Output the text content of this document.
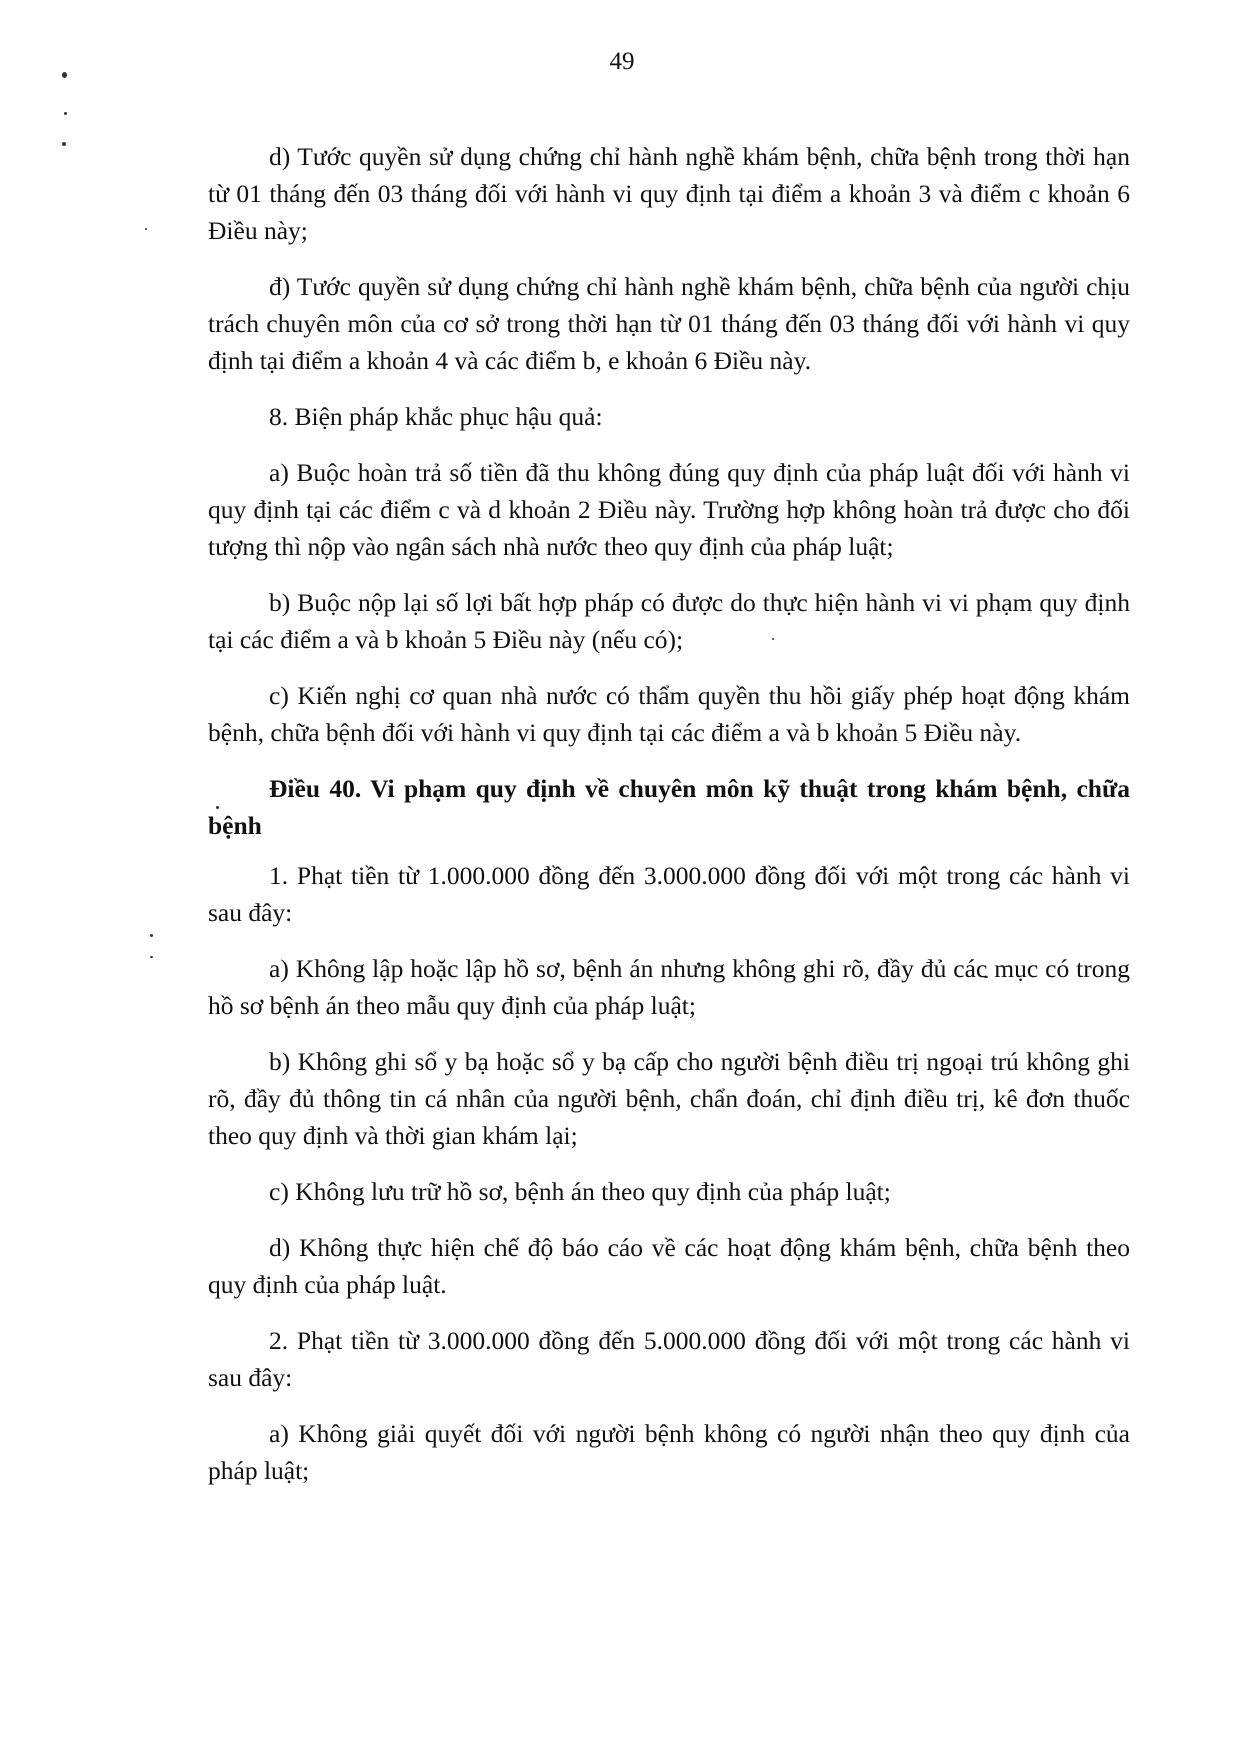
49

d) Tước quyền sử dụng chứng chỉ hành nghề khám bệnh, chữa bệnh trong thời hạn từ 01 tháng đến 03 tháng đối với hành vi quy định tại điểm a khoản 3 và điểm c khoản 6 Điều này;

đ) Tước quyền sử dụng chứng chỉ hành nghề khám bệnh, chữa bệnh của người chịu trách chuyên môn của cơ sở trong thời hạn từ 01 tháng đến 03 tháng đối với hành vi quy định tại điểm a khoản 4 và các điểm b, e khoản 6 Điều này.

8. Biện pháp khắc phục hậu quả:

a) Buộc hoàn trả số tiền đã thu không đúng quy định của pháp luật đối với hành vi quy định tại các điểm c và d khoản 2 Điều này. Trường hợp không hoàn trả được cho đối tượng thì nộp vào ngân sách nhà nước theo quy định của pháp luật;

b) Buộc nộp lại số lợi bất hợp pháp có được do thực hiện hành vi vi phạm quy định tại các điểm a và b khoản 5 Điều này (nếu có);

c) Kiến nghị cơ quan nhà nước có thẩm quyền thu hồi giấy phép hoạt động khám bệnh, chữa bệnh đối với hành vi quy định tại các điểm a và b khoản 5 Điều này.

Điều 40. Vi phạm quy định về chuyên môn kỹ thuật trong khám bệnh, chữa bệnh

1. Phạt tiền từ 1.000.000 đồng đến 3.000.000 đồng đối với một trong các hành vi sau đây:

a) Không lập hoặc lập hồ sơ, bệnh án nhưng không ghi rõ, đầy đủ các mục có trong hồ sơ bệnh án theo mẫu quy định của pháp luật;

b) Không ghi sổ y bạ hoặc sổ y bạ cấp cho người bệnh điều trị ngoại trú không ghi rõ, đầy đủ thông tin cá nhân của người bệnh, chẩn đoán, chỉ định điều trị, kê đơn thuốc theo quy định và thời gian khám lại;

c) Không lưu trữ hồ sơ, bệnh án theo quy định của pháp luật;

d) Không thực hiện chế độ báo cáo về các hoạt động khám bệnh, chữa bệnh theo quy định của pháp luật.

2. Phạt tiền từ 3.000.000 đồng đến 5.000.000 đồng đối với một trong các hành vi sau đây:

a) Không giải quyết đối với người bệnh không có người nhận theo quy định của pháp luật;
